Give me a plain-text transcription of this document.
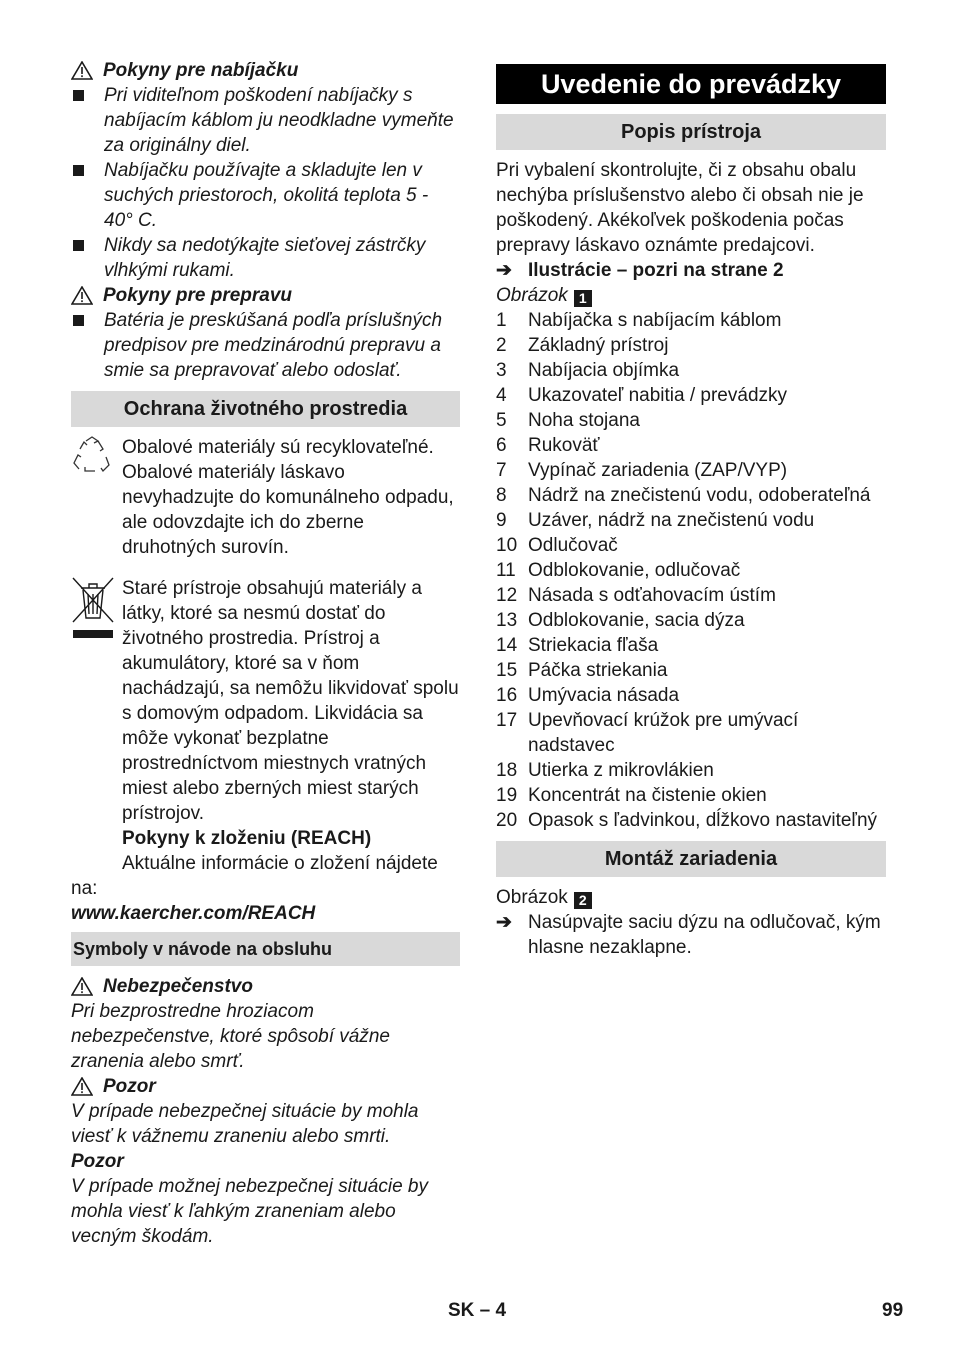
Pokyny pre nabíjačku
Pri viditeľnom poškodení nabíjačky s nabíjacím káblom ju neodkladne vymeňte za originálny diel.
Nabíjačku používajte a skladujte len v suchých priestoroch, okolitá teplota 5 - 40° C.
Nikdy sa nedotýkajte sieťovej zástrčky vlhkými rukami.
Pokyny pre prepravu
Batéria je preskúšaná podľa príslušných predpisov pre medzinárodnú prepravu a smie sa prepravovať alebo odoslať.
Ochrana životného prostredia
Obalové materiály sú recyklovateľné. Obalové materiály láskavo nevyhadzujte do komunálneho odpadu, ale odovzdajte ich do zberne druhotných surovín.
Staré prístroje obsahujú materiály a látky, ktoré sa nesmú dostať do životného prostredia. Prístroj a akumulátory, ktoré sa v ňom nachádzajú, sa nemôžu likvidovať spolu s domovým odpadom. Likvidácia sa môže vykonať bezplatne prostredníctvom miestnych vratných miest alebo zberných miest starých prístrojov.
Pokyny k zloženiu (REACH)
Aktuálne informácie o zložení nájdete
na:
www.kaercher.com/REACH
Symboly v návode na obsluhu
Nebezpečenstvo
Pri bezprostredne hroziacom nebezpečenstve, ktoré spôsobí vážne zranenia alebo smrť.
Pozor
V prípade nebezpečnej situácie by mohla viesť k vážnemu zraneniu alebo smrti.
Pozor
V prípade možnej nebezpečnej situácie by mohla viesť k ľahkým zraneniam alebo vecným škodám.
Uvedenie do prevádzky
Popis prístroja
Pri vybalení skontrolujte, či z obsahu obalu nechýba príslušenstvo alebo či obsah nie je poškodený. Akékoľvek poškodenia počas prepravy láskavo oznámte predajcovi.
➔ Ilustrácie – pozri na strane 2
Obrázok 1
1	Nabíjačka s nabíjacím káblom
2	Základný prístroj
3	Nabíjacia objímka
4	Ukazovateľ nabitia / prevádzky
5	Noha stojana
6	Rukoväť
7	Vypínač zariadenia (ZAP/VYP)
8	Nádrž na znečistenú vodu, odoberateľná
9	Uzáver, nádrž na znečistenú vodu
10 Odlučovač
11 Odblokovanie, odlučovač
12 Násada s odťahovacím ústím
13 Odblokovanie, sacia dýza
14 Striekacia fľaša
15 Páčka striekania
16 Umývacia násada
17 Upevňovací krúžok pre umývací nadstavec
18 Utierka z mikrovlákien
19 Koncentrát na čistenie okien
20 Opasok s ľadvinkou, dĺžkovo nastaviteľný
Montáž zariadenia
Obrázok 2
➔ Nasúpvajte saciu dýzu na odlučovač, kým hlasne nezaklapne.
SK – 4	99
